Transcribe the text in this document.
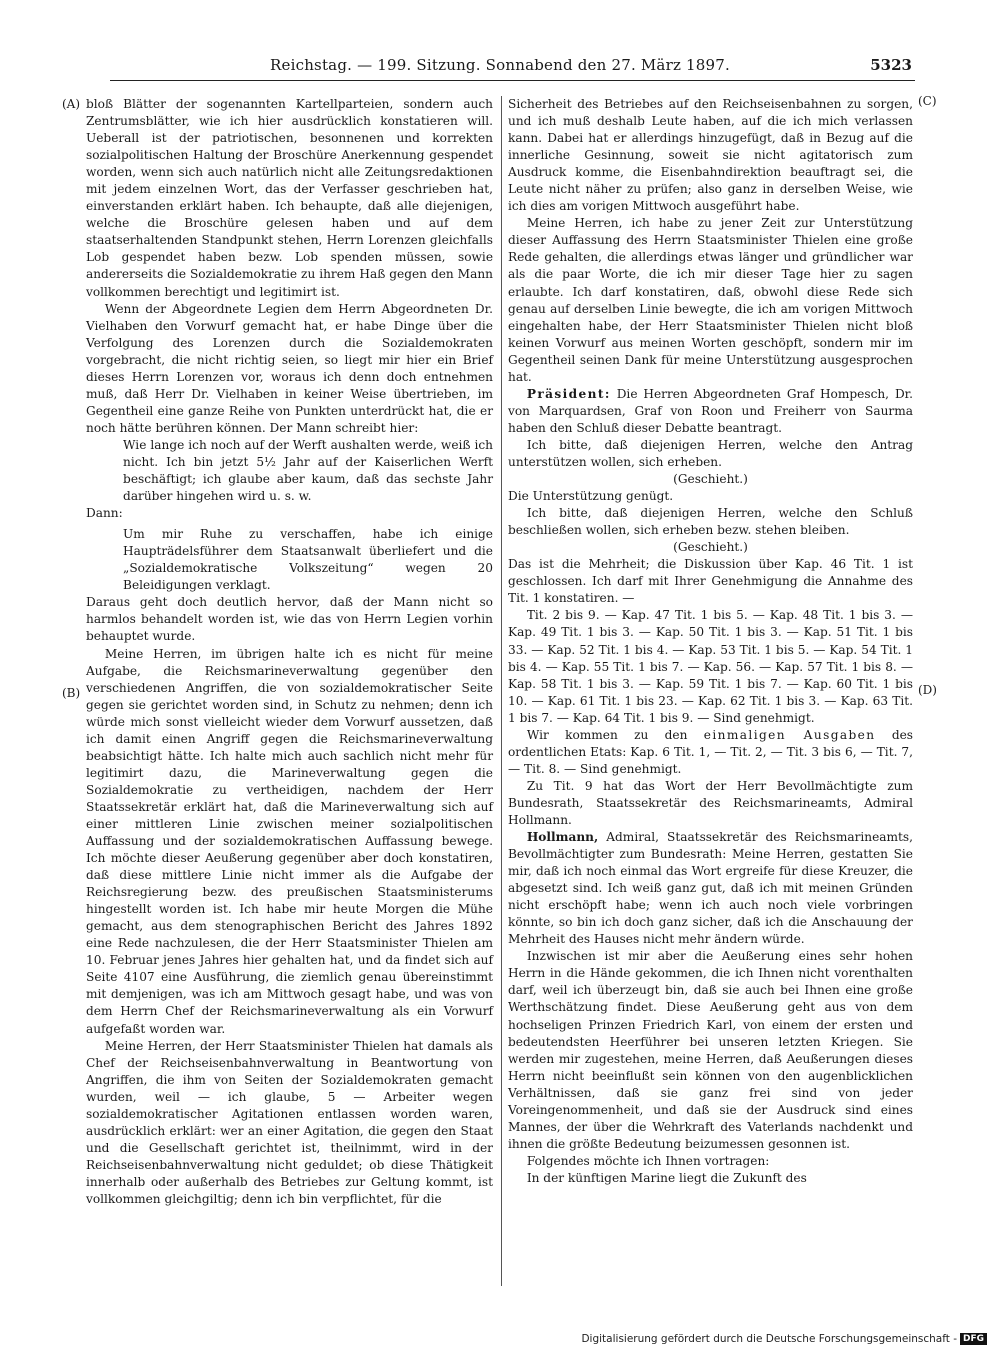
Reichstag. — 199. Sitzung. Sonnabend den 27. März 1897.	5323
(A)
(B)
(C)
(D)

bloß Blätter der sogenannten Kartellparteien, sondern auch Zentrumsblätter, wie ich hier ausdrücklich konstatieren will. Ueberall ist der patriotischen, besonnenen und korrekten sozialpolitischen Haltung der Broschüre Anerkennung gespendet worden, wenn sich auch natürlich nicht alle Zeitungsredaktionen mit jedem einzelnen Wort, das der Verfasser geschrieben hat, einverstanden erklärt haben. Ich behaupte, daß alle diejenigen, welche die Broschüre gelesen haben und auf dem staatserhaltenden Standpunkt stehen, Herrn Lorenzen gleichfalls Lob gespendet haben bezw. Lob spenden müssen, sowie andererseits die Sozialdemokratie zu ihrem Haß gegen den Mann vollkommen berechtigt und legitimirt ist.

Wenn der Abgeordnete Legien dem Herrn Abgeordneten Dr. Vielhaben den Vorwurf gemacht hat, er habe Dinge über die Verfolgung des Lorenzen durch die Sozialdemokraten vorgebracht, die nicht richtig seien, so liegt mir hier ein Brief dieses Herrn Lorenzen vor, woraus ich denn doch entnehmen muß, daß Herr Dr. Vielhaben in keiner Weise übertrieben, im Gegentheil eine ganze Reihe von Punkten unterdrückt hat, die er noch hätte berühren können. Der Mann schreibt hier:

Wie lange ich noch auf der Werft aushalten werde, weiß ich nicht. Ich bin jetzt 5½ Jahr auf der Kaiserlichen Werft beschäftigt; ich glaube aber kaum, daß das sechste Jahr darüber hingehen wird u. s. w.

Dann:

Um mir Ruhe zu verschaffen, habe ich einige Haupträdelsführer dem Staatsanwalt überliefert und die „Sozialdemokratische Volkszeitung“ wegen 20 Beleidigungen verklagt.

Daraus geht doch deutlich hervor, daß der Mann nicht so harmlos behandelt worden ist, wie das von Herrn Legien vorhin behauptet wurde.

Meine Herren, im übrigen halte ich es nicht für meine Aufgabe, die Reichsmarineverwaltung gegenüber den verschiedenen Angriffen, die von sozialdemokratischer Seite gegen sie gerichtet worden sind, in Schutz zu nehmen; denn ich würde mich sonst vielleicht wieder dem Vorwurf aussetzen, daß ich damit einen Angriff gegen die Reichsmarineverwaltung beabsichtigt hätte. Ich halte mich auch sachlich nicht mehr für legitimirt dazu, die Marineverwaltung gegen die Sozialdemokratie zu vertheidigen, nachdem der Herr Staatssekretär erklärt hat, daß die Marineverwaltung sich auf einer mittleren Linie zwischen meiner sozialpolitischen Auffassung und der sozialdemokratischen Auffassung bewege. Ich möchte dieser Aeußerung gegenüber aber doch konstatiren, daß diese mittlere Linie nicht immer als die Aufgabe der Reichsregierung bezw. des preußischen Staatsministerums hingestellt worden ist. Ich habe mir heute Morgen die Mühe gemacht, aus dem stenographischen Bericht des Jahres 1892 eine Rede nachzulesen, die der Herr Staatsminister Thielen am 10. Februar jenes Jahres hier gehalten hat, und da findet sich auf Seite 4107 eine Ausführung, die ziemlich genau übereinstimmt mit demjenigen, was ich am Mittwoch gesagt habe, und was von dem Herrn Chef der Reichsmarineverwaltung als ein Vorwurf aufgefaßt worden war.

Meine Herren, der Herr Staatsminister Thielen hat damals als Chef der Reichseisenbahnverwaltung in Beantwortung von Angriffen, die ihm von Seiten der Sozialdemokraten gemacht wurden, weil — ich glaube, 5 — Arbeiter wegen sozialdemokratischer Agitationen entlassen worden waren, ausdrücklich erklärt: wer an einer Agitation, die gegen den Staat und die Gesellschaft gerichtet ist, theilnimmt, wird in der Reichseisenbahnverwaltung nicht geduldet; ob diese Thätigkeit innerhalb oder außerhalb des Betriebes zur Geltung kommt, ist vollkommen gleichgiltig; denn ich bin verpflichtet, für die

Sicherheit des Betriebes auf den Reichseisenbahnen zu sorgen, und ich muß deshalb Leute haben, auf die ich mich verlassen kann. Dabei hat er allerdings hinzugefügt, daß in Bezug auf die innerliche Gesinnung, soweit sie nicht agitatorisch zum Ausdruck komme, die Eisenbahndirektion beauftragt sei, die Leute nicht näher zu prüfen; also ganz in derselben Weise, wie ich dies am vorigen Mittwoch ausgeführt habe.

Meine Herren, ich habe zu jener Zeit zur Unterstützung dieser Auffassung des Herrn Staatsminister Thielen eine große Rede gehalten, die allerdings etwas länger und gründlicher war als die paar Worte, die ich mir dieser Tage hier zu sagen erlaubte. Ich darf konstatiren, daß, obwohl diese Rede sich genau auf derselben Linie bewegte, die ich am vorigen Mittwoch eingehalten habe, der Herr Staatsminister Thielen nicht bloß keinen Vorwurf aus meinen Worten geschöpft, sondern mir im Gegentheil seinen Dank für meine Unterstützung ausgesprochen hat.

Präsident: Die Herren Abgeordneten Graf Hompesch, Dr. von Marquardsen, Graf von Roon und Freiherr von Saurma haben den Schluß dieser Debatte beantragt.

Ich bitte, daß diejenigen Herren, welche den Antrag unterstützen wollen, sich erheben.

(Geschieht.)

Die Unterstützung genügt.

Ich bitte, daß diejenigen Herren, welche den Schluß beschließen wollen, sich erheben bezw. stehen bleiben.

(Geschieht.)

Das ist die Mehrheit; die Diskussion über Kap. 46 Tit. 1 ist geschlossen. Ich darf mit Ihrer Genehmigung die Annahme des Tit. 1 konstatiren. —

Tit. 2 bis 9. — Kap. 47 Tit. 1 bis 5. — Kap. 48 Tit. 1 bis 3. — Kap. 49 Tit. 1 bis 3. — Kap. 50 Tit. 1 bis 3. — Kap. 51 Tit. 1 bis 33. — Kap. 52 Tit. 1 bis 4. — Kap. 53 Tit. 1 bis 5. — Kap. 54 Tit. 1 bis 4. — Kap. 55 Tit. 1 bis 7. — Kap. 56. — Kap. 57 Tit. 1 bis 8. — Kap. 58 Tit. 1 bis 3. — Kap. 59 Tit. 1 bis 7. — Kap. 60 Tit. 1 bis 10. — Kap. 61 Tit. 1 bis 23. — Kap. 62 Tit. 1 bis 3. — Kap. 63 Tit. 1 bis 7. — Kap. 64 Tit. 1 bis 9. — Sind genehmigt.

Wir kommen zu den einmaligen Ausgaben des ordentlichen Etats: Kap. 6 Tit. 1, — Tit. 2, — Tit. 3 bis 6, — Tit. 7, — Tit. 8. — Sind genehmigt.

Zu Tit. 9 hat das Wort der Herr Bevollmächtigte zum Bundesrath, Staatssekretär des Reichsmarineamts, Admiral Hollmann.

Hollmann, Admiral, Staatssekretär des Reichsmarineamts, Bevollmächtigter zum Bundesrath: Meine Herren, gestatten Sie mir, daß ich noch einmal das Wort ergreife für diese Kreuzer, die abgesetzt sind. Ich weiß ganz gut, daß ich mit meinen Gründen nicht erschöpft habe; wenn ich auch noch viele vorbringen könnte, so bin ich doch ganz sicher, daß ich die Anschauung der Mehrheit des Hauses nicht mehr ändern würde.

Inzwischen ist mir aber die Aeußerung eines sehr hohen Herrn in die Hände gekommen, die ich Ihnen nicht vorenthalten darf, weil ich überzeugt bin, daß sie auch bei Ihnen eine große Werthschätzung findet. Diese Aeußerung geht aus von dem hochseligen Prinzen Friedrich Karl, von einem der ersten und bedeutendsten Heerführer bei unseren letzten Kriegen. Sie werden mir zugestehen, meine Herren, daß Aeußerungen dieses Herrn nicht beeinflußt sein können von den augenblicklichen Verhältnissen, daß sie ganz frei sind von jeder Voreingenommenheit, und daß sie der Ausdruck sind eines Mannes, der über die Wehrkraft des Vaterlands nachdenkt und ihnen die größte Bedeutung beizumessen gesonnen ist.

Folgendes möchte ich Ihnen vortragen:

In der künftigen Marine liegt die Zukunft des

Digitalisierung gefördert durch die Deutsche Forschungsgemeinschaft - DFG
